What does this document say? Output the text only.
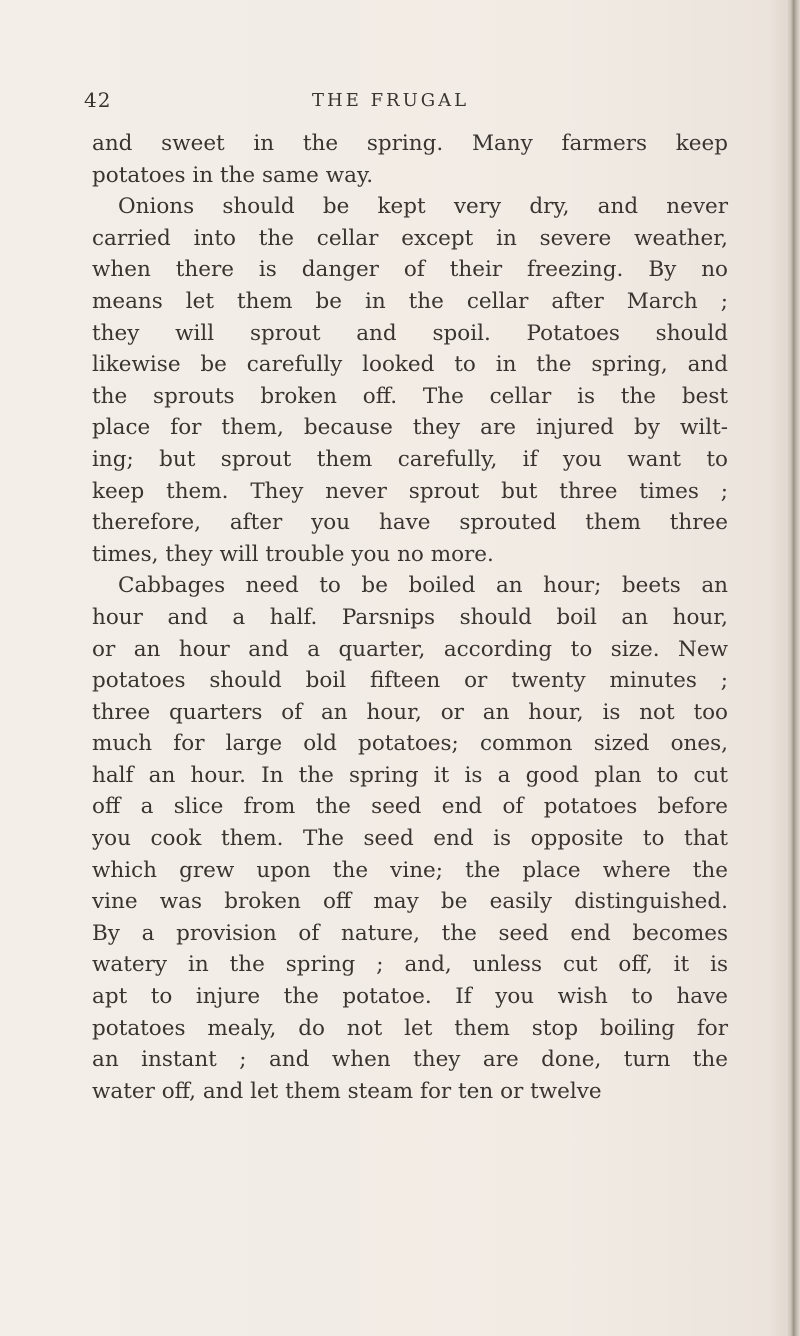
42	THE FRUGAL
and sweet in the spring. Many farmers keep
potatoes in the same way.
Onions should be kept very dry, and never
carried into the cellar except in severe weather,
when there is danger of their freezing. By no
means let them be in the cellar after March ;
they will sprout and spoil. Potatoes should
likewise be carefully looked to in the spring, and
the sprouts broken off. The cellar is the best
place for them, because they are injured by wilt-
ing; but sprout them carefully, if you want to
keep them. They never sprout but three times ;
therefore, after you have sprouted them three
times, they will trouble you no more.
Cabbages need to be boiled an hour; beets an
hour and a half. Parsnips should boil an hour,
or an hour and a quarter, according to size. New
potatoes should boil fifteen or twenty minutes ;
three quarters of an hour, or an hour, is not too
much for large old potatoes; common sized ones,
half an hour. In the spring it is a good plan to cut
off a slice from the seed end of potatoes before
you cook them. The seed end is opposite to that
which grew upon the vine; the place where the
vine was broken off may be easily distinguished.
By a provision of nature, the seed end becomes
watery in the spring ; and, unless cut off, it is
apt to injure the potatoe. If you wish to have
potatoes mealy, do not let them stop boiling for
an instant ; and when they are done, turn the
water off, and let them steam for ten or twelve
